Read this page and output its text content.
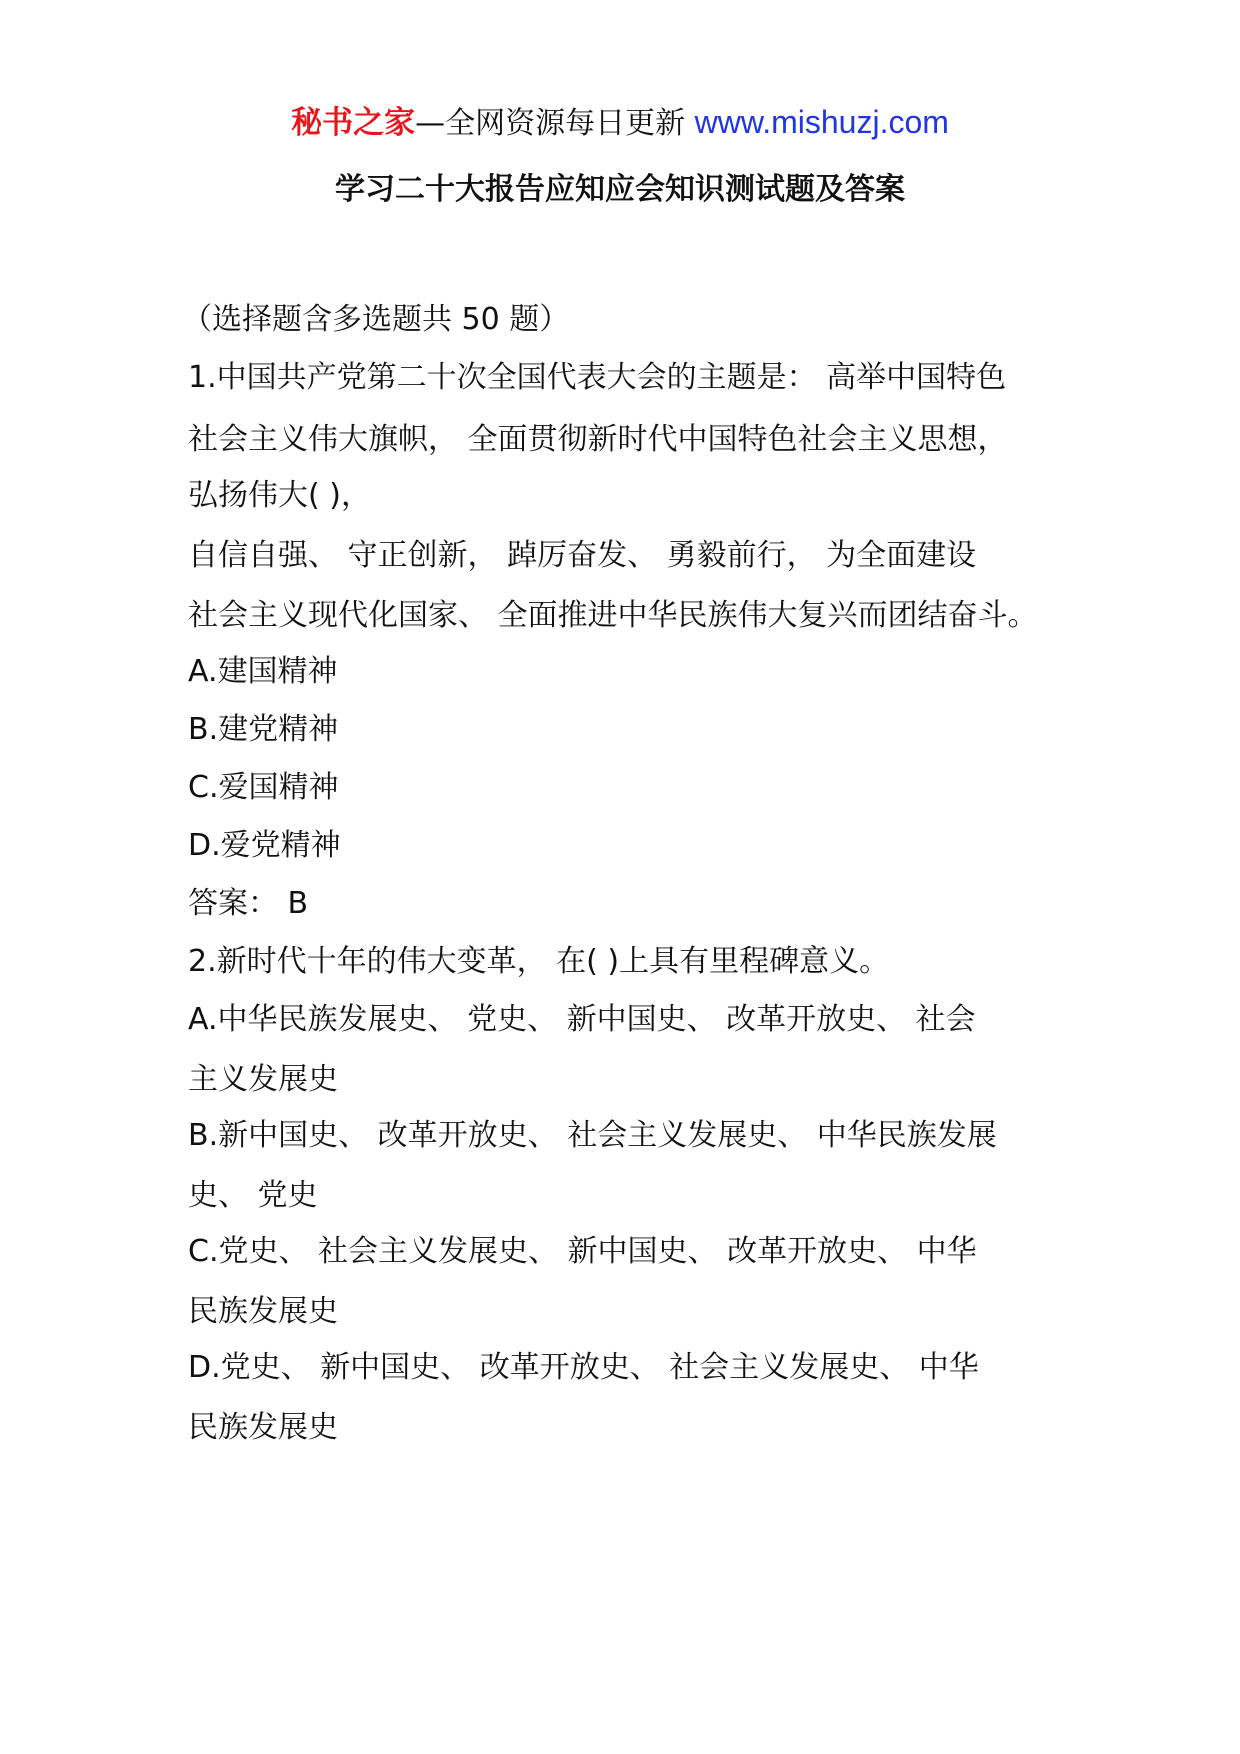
秘书之家—全网资源每日更新 www.mishuzj.com
学习二十大报告应知应会知识测试题及答案
（选择题含多选题共 50 题）
1.中国共产党第二十次全国代表大会的主题是： 高举中国特色
社会主义伟大旗帜， 全面贯彻新时代中国特色社会主义思想，
弘扬伟大( )，
自信自强、 守正创新， 踔厉奋发、 勇毅前行， 为全面建设
社会主义现代化国家、 全面推进中华民族伟大复兴而团结奋斗。
A.建国精神
B.建党精神
C.爱国精神
D.爱党精神
答案： B
2.新时代十年的伟大变革， 在( )上具有里程碑意义。
A.中华民族发展史、 党史、 新中国史、 改革开放史、 社会
主义发展史
B.新中国史、 改革开放史、 社会主义发展史、 中华民族发展
史、 党史
C.党史、 社会主义发展史、 新中国史、 改革开放史、 中华
民族发展史
D.党史、 新中国史、 改革开放史、 社会主义发展史、 中华
民族发展史
